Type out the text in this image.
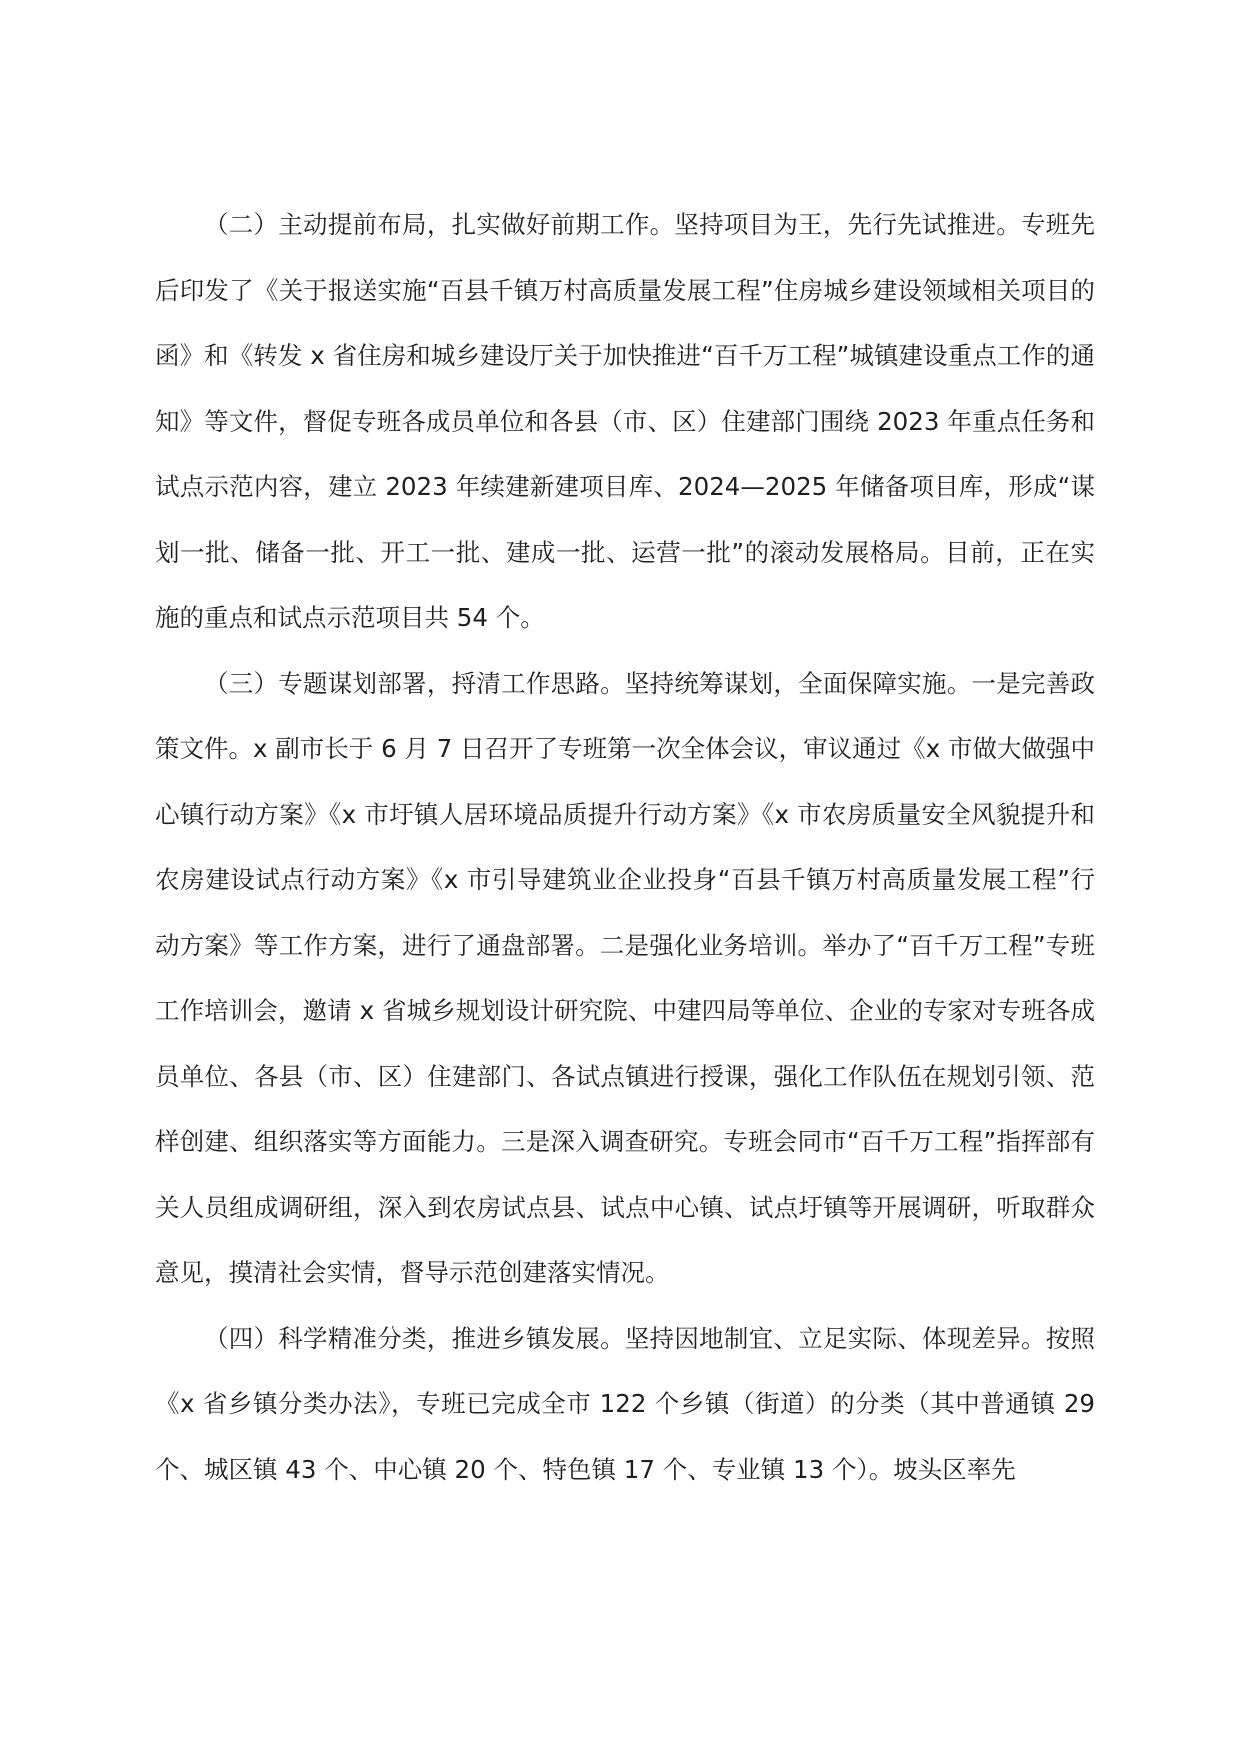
（二）主动提前布局，扎实做好前期工作。坚持项目为王，先行先试推进。专班先后印发了《关于报送实施“百县千镇万村高质量发展工程”住房城乡建设领域相关项目的函》和《转发 x 省住房和城乡建设厅关于加快推进“百千万工程”城镇建设重点工作的通知》等文件，督促专班各成员单位和各县（市、区）住建部门围绕 2023 年重点任务和试点示范内容，建立 2023 年续建新建项目库、2024—2025 年储备项目库，形成“谋划一批、储备一批、开工一批、建成一批、运营一批”的滚动发展格局。目前，正在实施的重点和试点示范项目共 54 个。

（三）专题谋划部署，捋清工作思路。坚持统筹谋划，全面保障实施。一是完善政策文件。x 副市长于 6 月 7 日召开了专班第一次全体会议，审议通过《x 市做大做强中心镇行动方案》《x 市圩镇人居环境品质提升行动方案》《x 市农房质量安全风貌提升和农房建设试点行动方案》《x 市引导建筑业企业投身“百县千镇万村高质量发展工程”行动方案》等工作方案，进行了通盘部署。二是强化业务培训。举办了“百千万工程”专班工作培训会，邀请 x 省城乡规划设计研究院、中建四局等单位、企业的专家对专班各成员单位、各县（市、区）住建部门、各试点镇进行授课，强化工作队伍在规划引领、范样创建、组织落实等方面能力。三是深入调查研究。专班会同市“百千万工程”指挥部有关人员组成调研组，深入到农房试点县、试点中心镇、试点圩镇等开展调研，听取群众意见，摸清社会实情，督导示范创建落实情况。

（四）科学精准分类，推进乡镇发展。坚持因地制宜、立足实际、体现差异。按照《x 省乡镇分类办法》，专班已完成全市 122 个乡镇（街道）的分类（其中普通镇 29 个、城区镇 43 个、中心镇 20 个、特色镇 17 个、专业镇 13 个）。坡头区率先
